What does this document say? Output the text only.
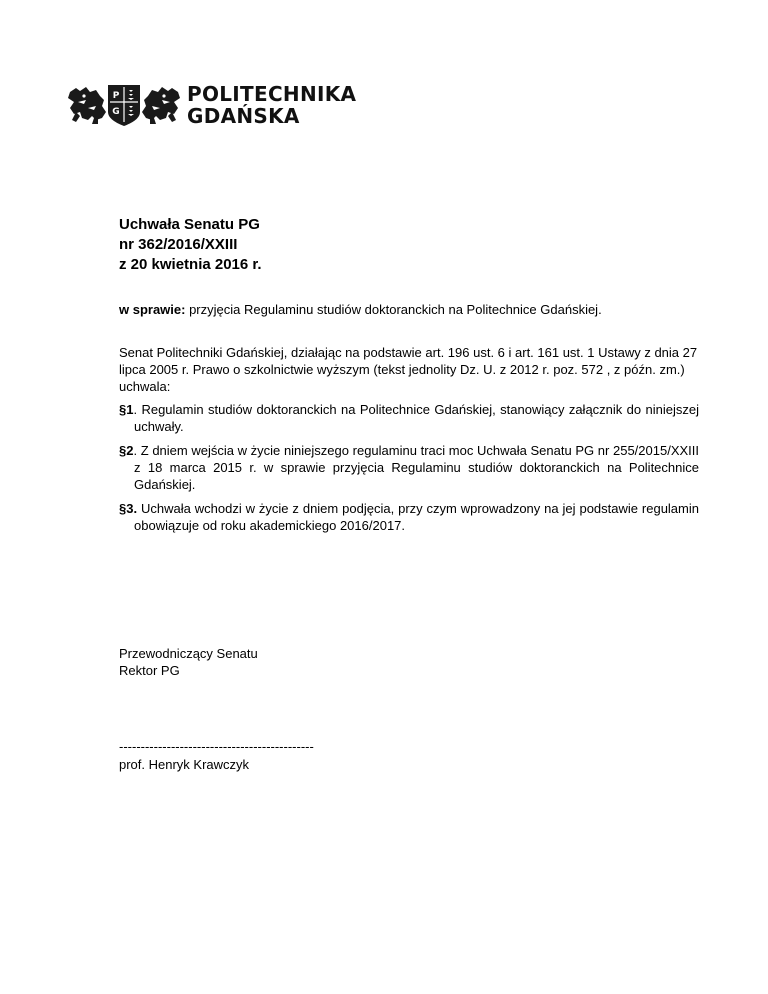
P
G
POLITECHNIKA
GDAŃSKA
Uchwała Senatu PG
nr 362/2016/XXIII
z 20 kwietnia 2016 r.
w sprawie: przyjęcia Regulaminu studiów doktoranckich na Politechnice Gdańskiej.
Senat Politechniki Gdańskiej, działając na podstawie art. 196 ust. 6 i art. 161 ust. 1 Ustawy z dnia 27 lipca 2005 r. Prawo o szkolnictwie wyższym (tekst jednolity Dz. U. z 2012 r. poz. 572 , z późn. zm.) uchwala:
§1. Regulamin studiów doktoranckich na Politechnice Gdańskiej, stanowiący załącznik do niniejszej uchwały.
§2. Z dniem wejścia w życie niniejszego regulaminu traci moc Uchwała Senatu PG nr 255/2015/XXIII z 18 marca 2015 r. w sprawie przyjęcia Regulaminu studiów doktoranckich na Politechnice Gdańskiej.
§3. Uchwała wchodzi w życie z dniem podjęcia, przy czym wprowadzony na jej podstawie regulamin obowiązuje od roku akademickiego 2016/2017.
Przewodniczący Senatu
Rektor PG
---------------------------------------------
prof. Henryk Krawczyk
